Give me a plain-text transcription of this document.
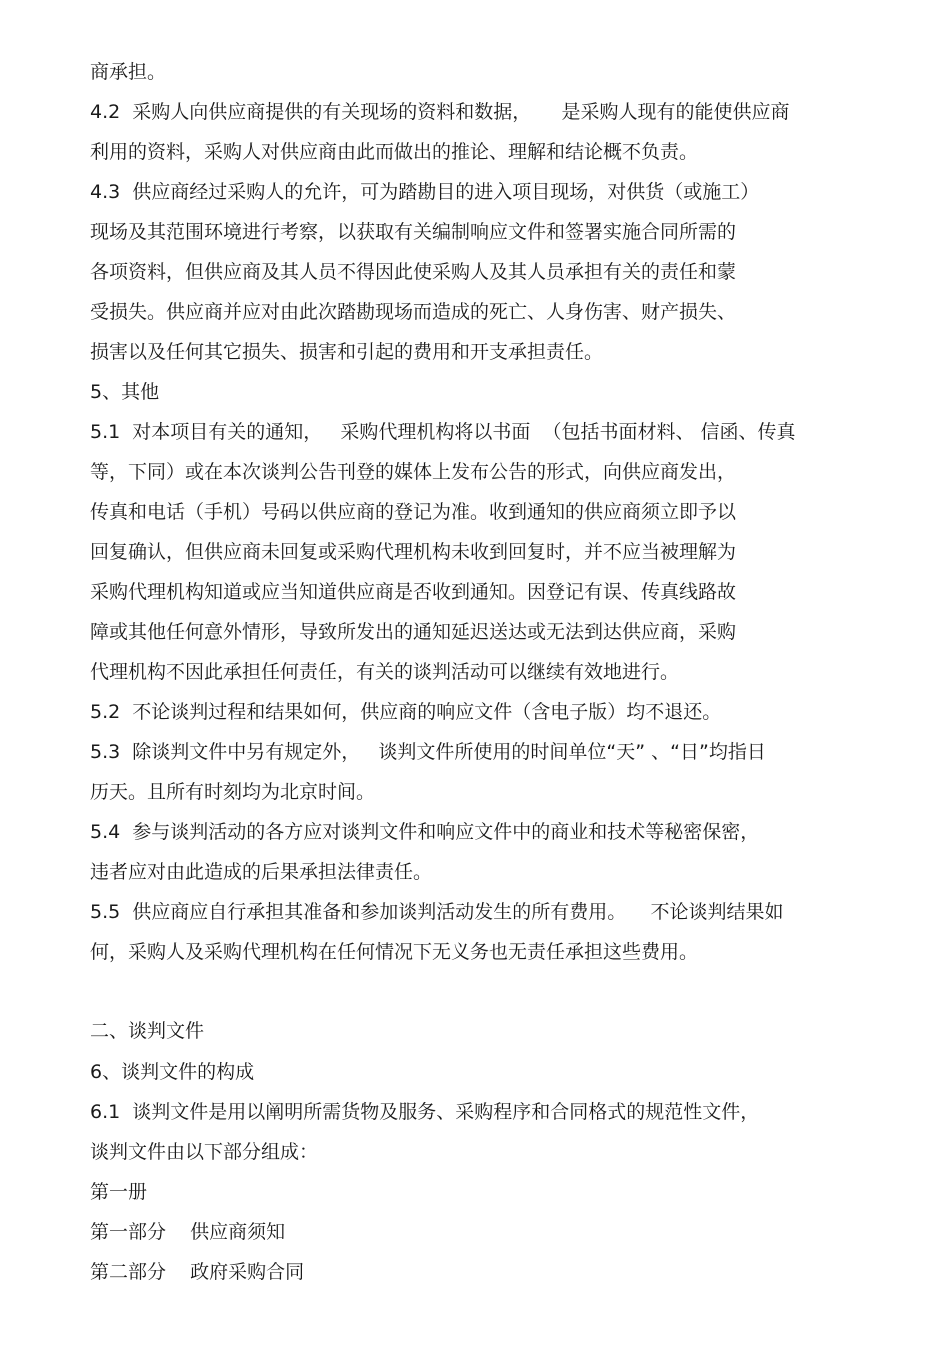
商承担。
4.2  采购人向供应商提供的有关现场的资料和数据，     是采购人现有的能使供应商
利用的资料，采购人对供应商由此而做出的推论、理解和结论概不负责。
4.3  供应商经过采购人的允许，可为踏勘目的进入项目现场，对供货（或施工）
现场及其范围环境进行考察，以获取有关编制响应文件和签署实施合同所需的
各项资料，但供应商及其人员不得因此使采购人及其人员承担有关的责任和蒙
受损失。供应商并应对由此次踏勘现场而造成的死亡、人身伤害、财产损失、
损害以及任何其它损失、损害和引起的费用和开支承担责任。
5、其他
5.1  对本项目有关的通知，   采购代理机构将以书面  （包括书面材料、 信函、传真
等，下同）或在本次谈判公告刊登的媒体上发布公告的形式，向供应商发出，
传真和电话（手机）号码以供应商的登记为准。收到通知的供应商须立即予以
回复确认，但供应商未回复或采购代理机构未收到回复时，并不应当被理解为
采购代理机构知道或应当知道供应商是否收到通知。因登记有误、传真线路故
障或其他任何意外情形，导致所发出的通知延迟送达或无法到达供应商，采购
代理机构不因此承担任何责任，有关的谈判活动可以继续有效地进行。
5.2  不论谈判过程和结果如何，供应商的响应文件（含电子版）均不退还。
5.3  除谈判文件中另有规定外，   谈判文件所使用的时间单位“天” 、“日”均指日
历天。且所有时刻均为北京时间。
5.4  参与谈判活动的各方应对谈判文件和响应文件中的商业和技术等秘密保密，
违者应对由此造成的后果承担法律责任。
5.5  供应商应自行承担其准备和参加谈判活动发生的所有费用。    不论谈判结果如
何，采购人及采购代理机构在任何情况下无义务也无责任承担这些费用。
二、谈判文件
6、谈判文件的构成
6.1  谈判文件是用以阐明所需货物及服务、采购程序和合同格式的规范性文件，
谈判文件由以下部分组成：
第一册
第一部分    供应商须知
第二部分    政府采购合同
